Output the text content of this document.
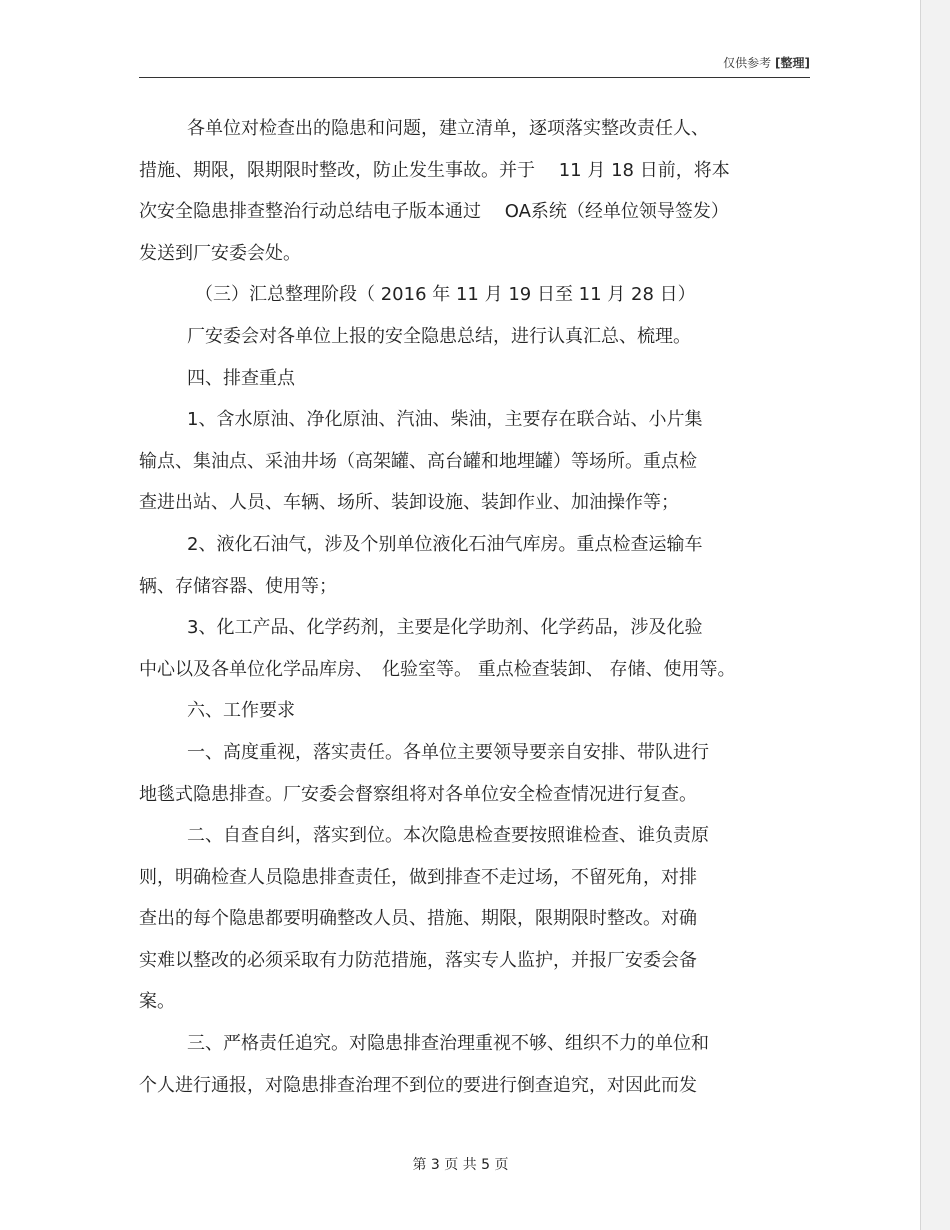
仅供参考 [整理]
各单位对检查出的隐患和问题，建立清单，逐项落实整改责任人、
措施、期限，限期限时整改，防止发生事故。并于　 11 月 18 日前，将本
次安全隐患排查整治行动总结电子版本通过　 OA系统（经单位领导签发）
发送到厂安委会处。
（三）汇总整理阶段（ 2016 年 11 月 19 日至 11 月 28 日）
厂安委会对各单位上报的安全隐患总结，进行认真汇总、梳理。
四、排查重点
1、含水原油、净化原油、汽油、柴油，主要存在联合站、小片集
输点、集油点、采油井场（高架罐、高台罐和地埋罐）等场所。重点检
查进出站、人员、车辆、场所、装卸设施、装卸作业、加油操作等；
2、液化石油气，涉及个别单位液化石油气库房。重点检查运输车
辆、存储容器、使用等；
3、化工产品、化学药剂，主要是化学助剂、化学药品，涉及化验
中心以及各单位化学品库房、　化验室等。 重点检查装卸、 存储、使用等。
六、工作要求
一、高度重视，落实责任。各单位主要领导要亲自安排、带队进行
地毯式隐患排查。厂安委会督察组将对各单位安全检查情况进行复查。
二、自查自纠，落实到位。本次隐患检查要按照谁检查、谁负责原
则，明确检查人员隐患排查责任，做到排查不走过场，不留死角，对排
查出的每个隐患都要明确整改人员、措施、期限，限期限时整改。对确
实难以整改的必须采取有力防范措施，落实专人监护，并报厂安委会备
案。
三、严格责任追究。对隐患排查治理重视不够、组织不力的单位和
个人进行通报，对隐患排查治理不到位的要进行倒查追究，对因此而发
第 3 页 共 5 页
